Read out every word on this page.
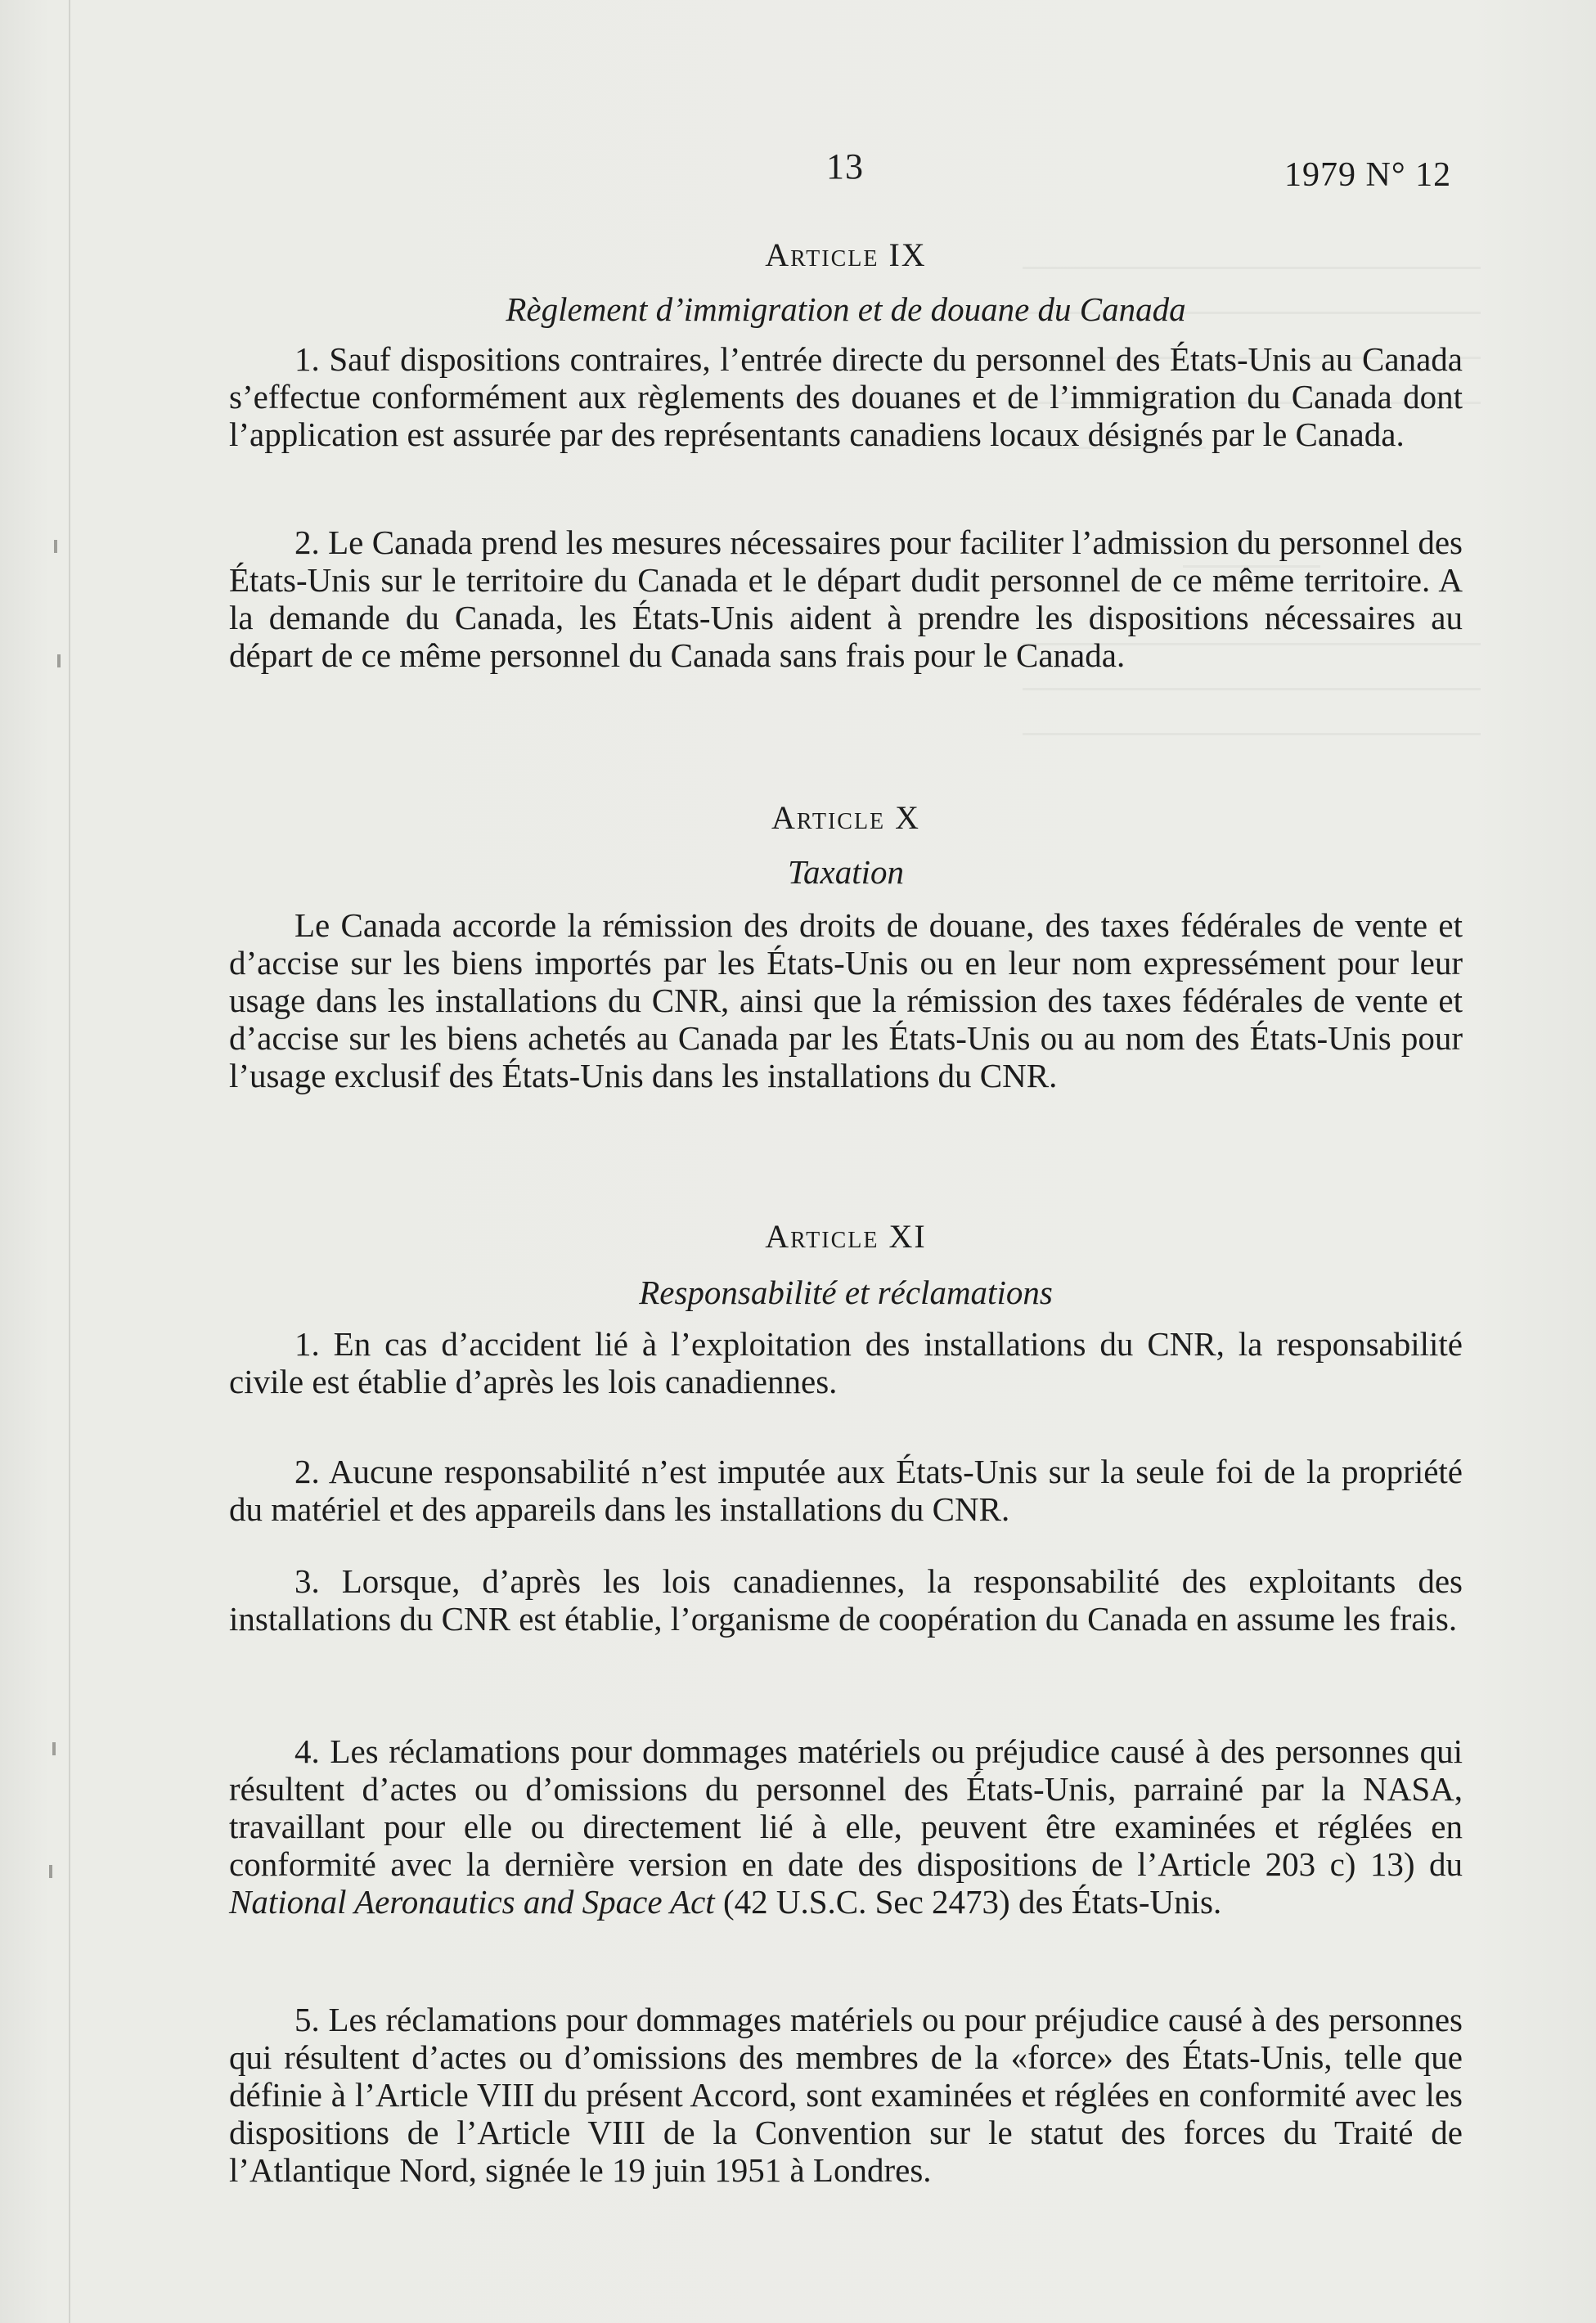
13	1979 N° 12
Article IX
Règlement d’immigration et de douane du Canada

1. Sauf dispositions contraires, l’entrée directe du personnel des États-Unis au Canada s’effectue conformément aux règlements des douanes et de l’immigration du Canada dont l’application est assurée par des représentants canadiens locaux désignés par le Canada.

2. Le Canada prend les mesures nécessaires pour faciliter l’admission du personnel des États-Unis sur le territoire du Canada et le départ dudit personnel de ce même territoire. A la demande du Canada, les États-Unis aident à prendre les dispositions nécessaires au départ de ce même personnel du Canada sans frais pour le Canada.

Article X
Taxation

Le Canada accorde la rémission des droits de douane, des taxes fédérales de vente et d’accise sur les biens importés par les États-Unis ou en leur nom expressément pour leur usage dans les installations du CNR, ainsi que la rémission des taxes fédérales de vente et d’accise sur les biens achetés au Canada par les États-Unis ou au nom des États-Unis pour l’usage exclusif des États-Unis dans les installations du CNR.

Article XI
Responsabilité et réclamations

1. En cas d’accident lié à l’exploitation des installations du CNR, la responsabilité civile est établie d’après les lois canadiennes.

2. Aucune responsabilité n’est imputée aux États-Unis sur la seule foi de la propriété du matériel et des appareils dans les installations du CNR.

3. Lorsque, d’après les lois canadiennes, la responsabilité des exploitants des installations du CNR est établie, l’organisme de coopération du Canada en assume les frais.

4. Les réclamations pour dommages matériels ou préjudice causé à des personnes qui résultent d’actes ou d’omissions du personnel des États-Unis, parrainé par la NASA, travaillant pour elle ou directement lié à elle, peuvent être examinées et réglées en conformité avec la dernière version en date des dispositions de l’Article 203 c) 13) du National Aeronautics and Space Act (42 U.S.C. Sec 2473) des États-Unis.

5. Les réclamations pour dommages matériels ou pour préjudice causé à des personnes qui résultent d’actes ou d’omissions des membres de la «force» des États-Unis, telle que définie à l’Article VIII du présent Accord, sont examinées et réglées en conformité avec les dispositions de l’Article VIII de la Convention sur le statut des forces du Traité de l’Atlantique Nord, signée le 19 juin 1951 à Londres.
